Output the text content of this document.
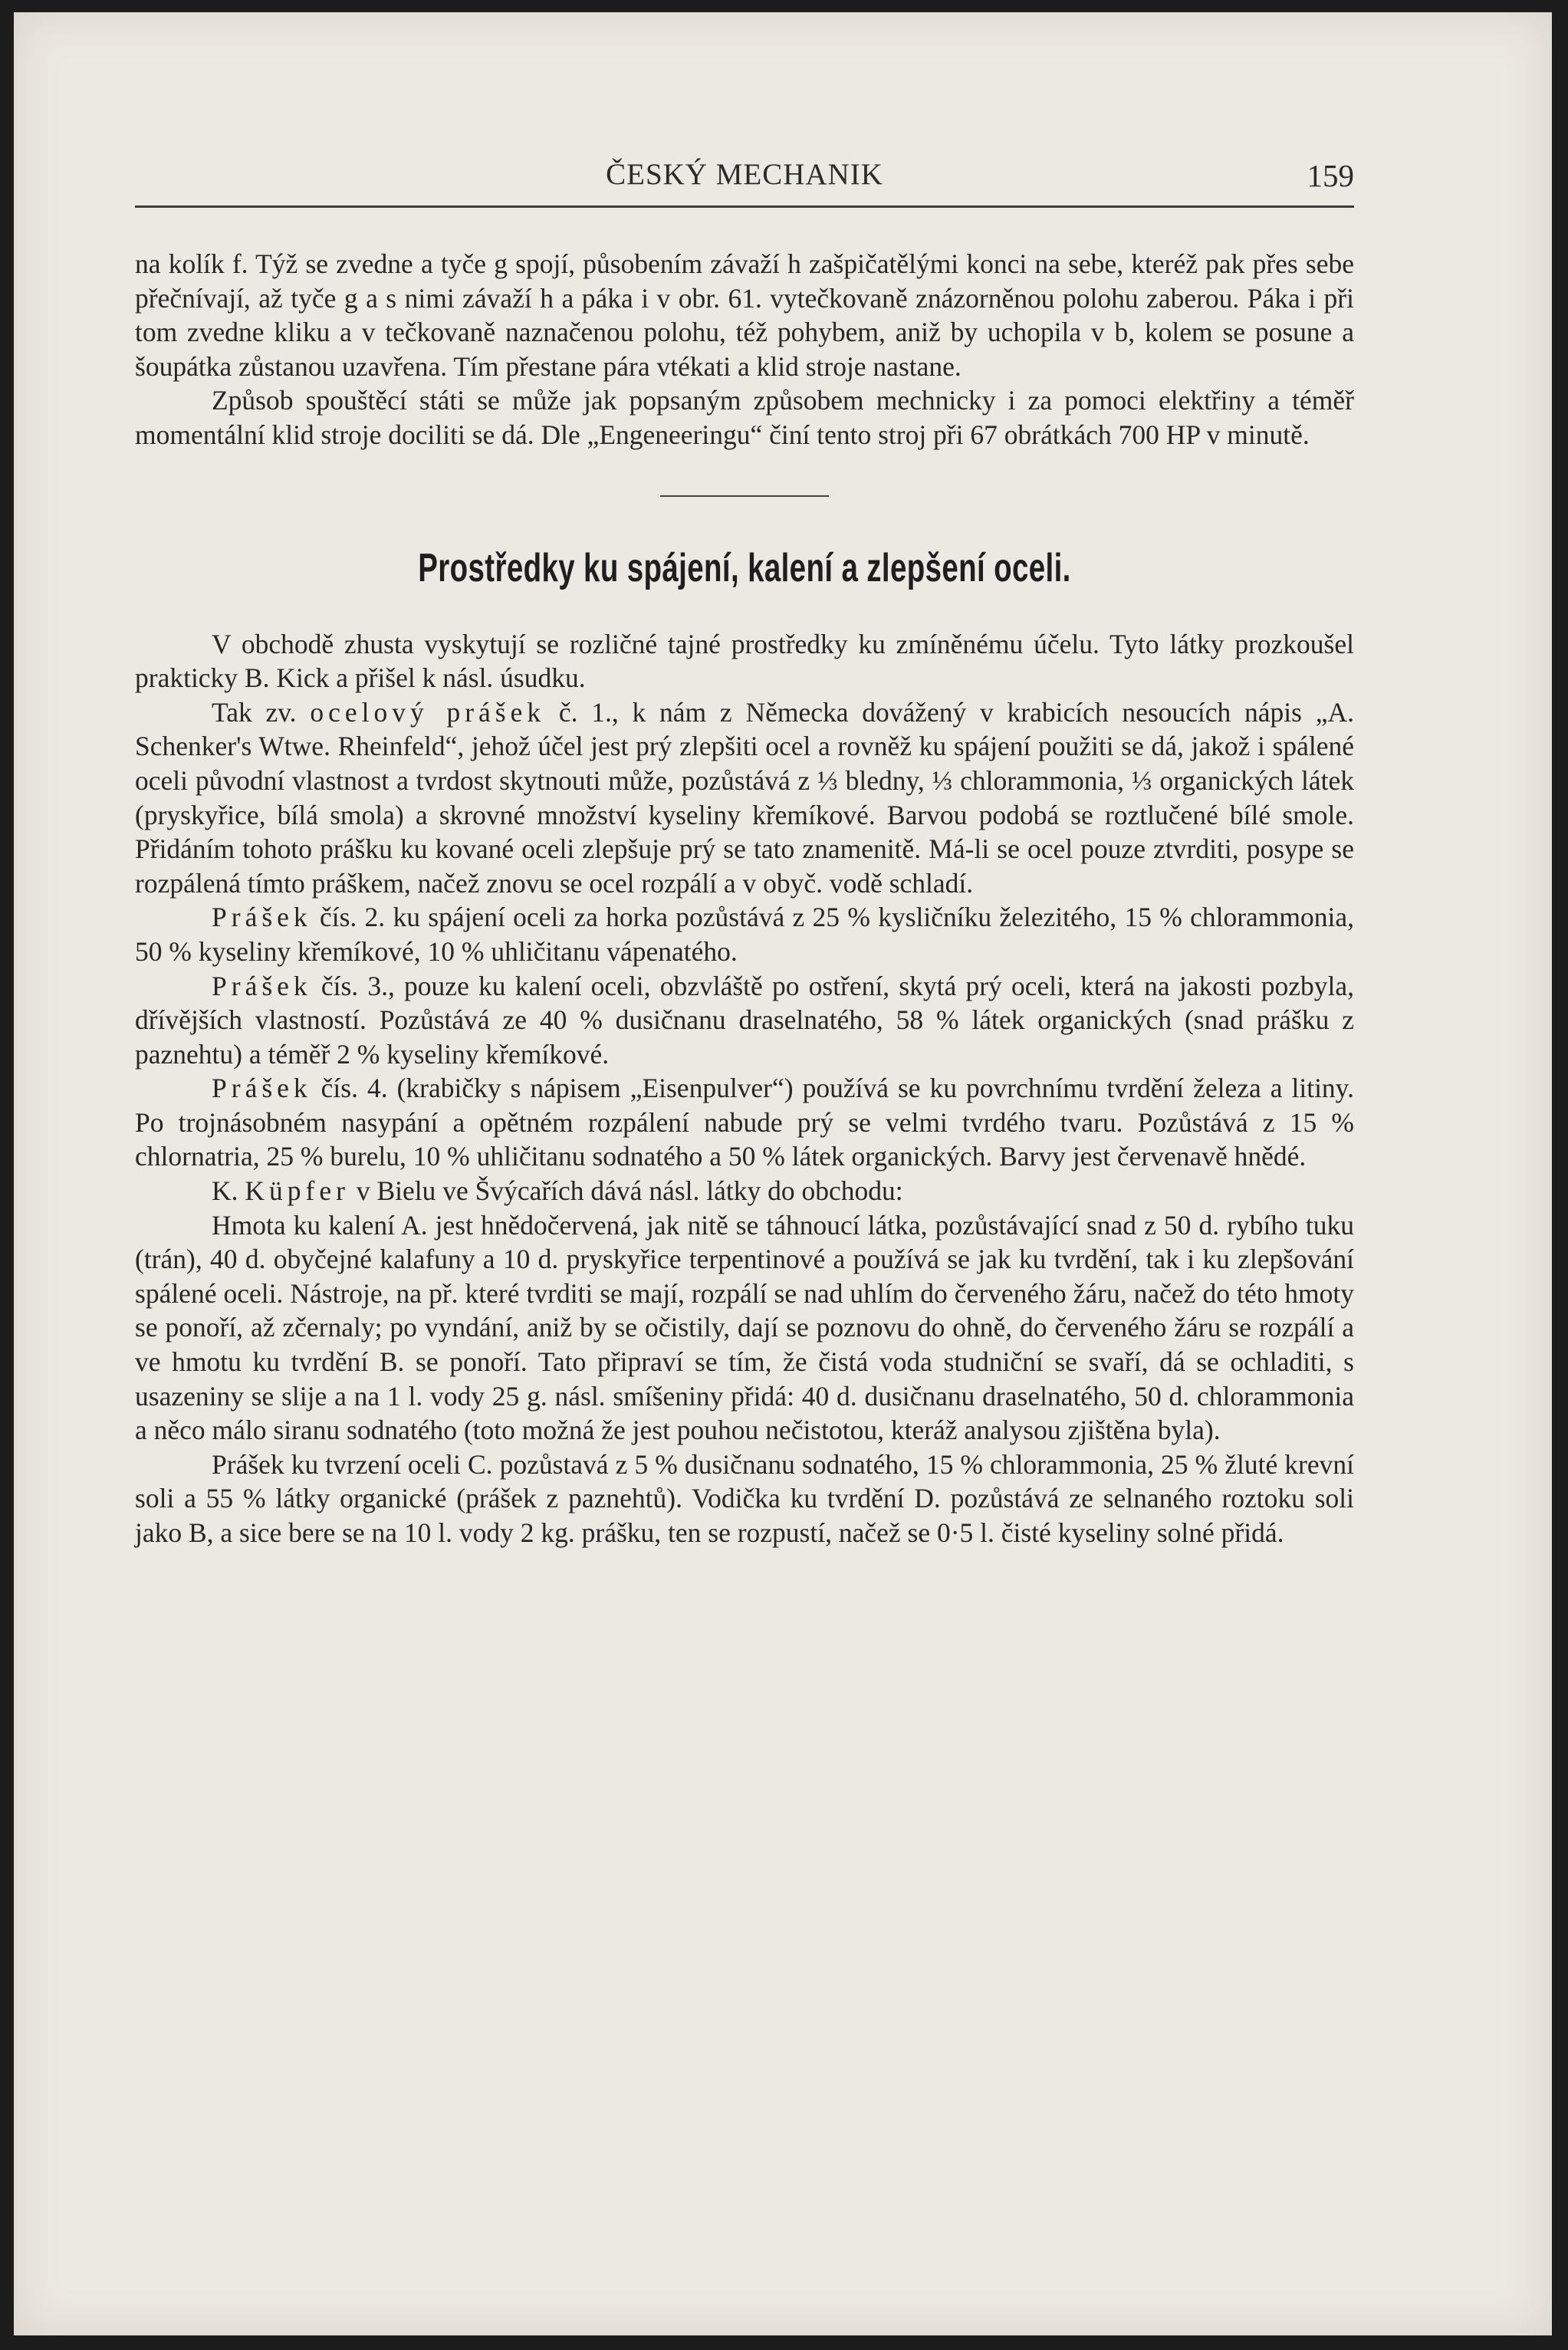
ČESKÝ MECHANIK	159

na kolík f. Týž se zvedne a tyče g spojí, působením závaží h zašpičatělými konci na sebe, kteréž pak přes sebe přečnívají, až tyče g a s nimi závaží h a páka i v obr. 61. vytečkovaně znázorněnou polohu zaberou. Páka i při tom zvedne kliku a v tečkovaně naznačenou polohu, též pohybem, aniž by uchopila v b, kolem se posune a šoupátka zůstanou uzavřena. Tím přestane pára vtékati a klid stroje nastane.

Způsob spouštěcí státi se může jak popsaným způsobem mechnicky i za pomoci elektřiny a téměř momentální klid stroje dociliti se dá. Dle „Engeneeringu“ činí tento stroj při 67 obrátkách 700 HP v minutě.

Prostředky ku spájení, kalení a zlepšení oceli.

V obchodě zhusta vyskytují se rozličné tajné prostředky ku zmíněnému účelu. Tyto látky prozkoušel prakticky B. Kick a přišel k násl. úsudku.

Tak zv. ocelový prášek č. 1., k nám z Německa dovážený v krabicích nesoucích nápis „A. Schenker's Wtwe. Rheinfeld“, jehož účel jest prý zlepšiti ocel a rovněž ku spájení použiti se dá, jakož i spálené oceli původní vlastnost a tvrdost skytnouti může, pozůstává z ⅓ bledny, ⅓ chlorammonia, ⅓ organických látek (pryskyřice, bílá smola) a skrovné množství kyseliny křemíkové. Barvou podobá se roztlučené bílé smole. Přidáním tohoto prášku ku kované oceli zlepšuje prý se tato znamenitě. Má-li se ocel pouze ztvrditi, posype se rozpálená tímto práškem, načež znovu se ocel rozpálí a v obyč. vodě schladí.

Prášek čís. 2. ku spájení oceli za horka pozůstává z 25 % kysličníku železitého, 15 % chlorammonia, 50 % kyseliny křemíkové, 10 % uhličitanu vápenatého.

Prášek čís. 3., pouze ku kalení oceli, obzvláště po ostření, skytá prý oceli, která na jakosti pozbyla, dřívějších vlastností. Pozůstává ze 40 % dusičnanu draselnatého, 58 % látek organických (snad prášku z paznehtu) a téměř 2 % kyseliny křemíkové.

Prášek čís. 4. (krabičky s nápisem „Eisenpulver“) používá se ku povrchnímu tvrdění železa a litiny. Po trojnásobném nasypání a opětném rozpálení nabude prý se velmi tvrdého tvaru. Pozůstává z 15 % chlornatria, 25 % burelu, 10 % uhličitanu sodnatého a 50 % látek organických. Barvy jest červenavě hnědé.

K. Küpfer v Bielu ve Švýcařích dává násl. látky do obchodu:

Hmota ku kalení A. jest hnědočervená, jak nitě se táhnoucí látka, pozůstávající snad z 50 d. rybího tuku (trán), 40 d. obyčejné kalafuny a 10 d. pryskyřice terpentinové a používá se jak ku tvrdění, tak i ku zlepšování spálené oceli. Nástroje, na př. které tvrditi se mají, rozpálí se nad uhlím do červeného žáru, načež do této hmoty se ponoří, až zčernaly; po vyndání, aniž by se očistily, dají se poznovu do ohně, do červeného žáru se rozpálí a ve hmotu ku tvrdění B. se ponoří. Tato připraví se tím, že čistá voda studniční se svaří, dá se ochladiti, s usazeniny se slije a na 1 l. vody 25 g. násl. smíšeniny přidá: 40 d. dusičnanu draselnatého, 50 d. chlorammonia a něco málo siranu sodnatého (toto možná že jest pouhou nečistotou, kteráž analysou zjištěna byla).

Prášek ku tvrzení oceli C. pozůstavá z 5 % dusičnanu sodnatého, 15 % chlorammonia, 25 % žluté krevní soli a 55 % látky organické (prášek z paznehtů). Vodička ku tvrdění D. pozůstává ze selnaného roztoku soli jako B, a sice bere se na 10 l. vody 2 kg. prášku, ten se rozpustí, načež se 0·5 l. čisté kyseliny solné přidá.
